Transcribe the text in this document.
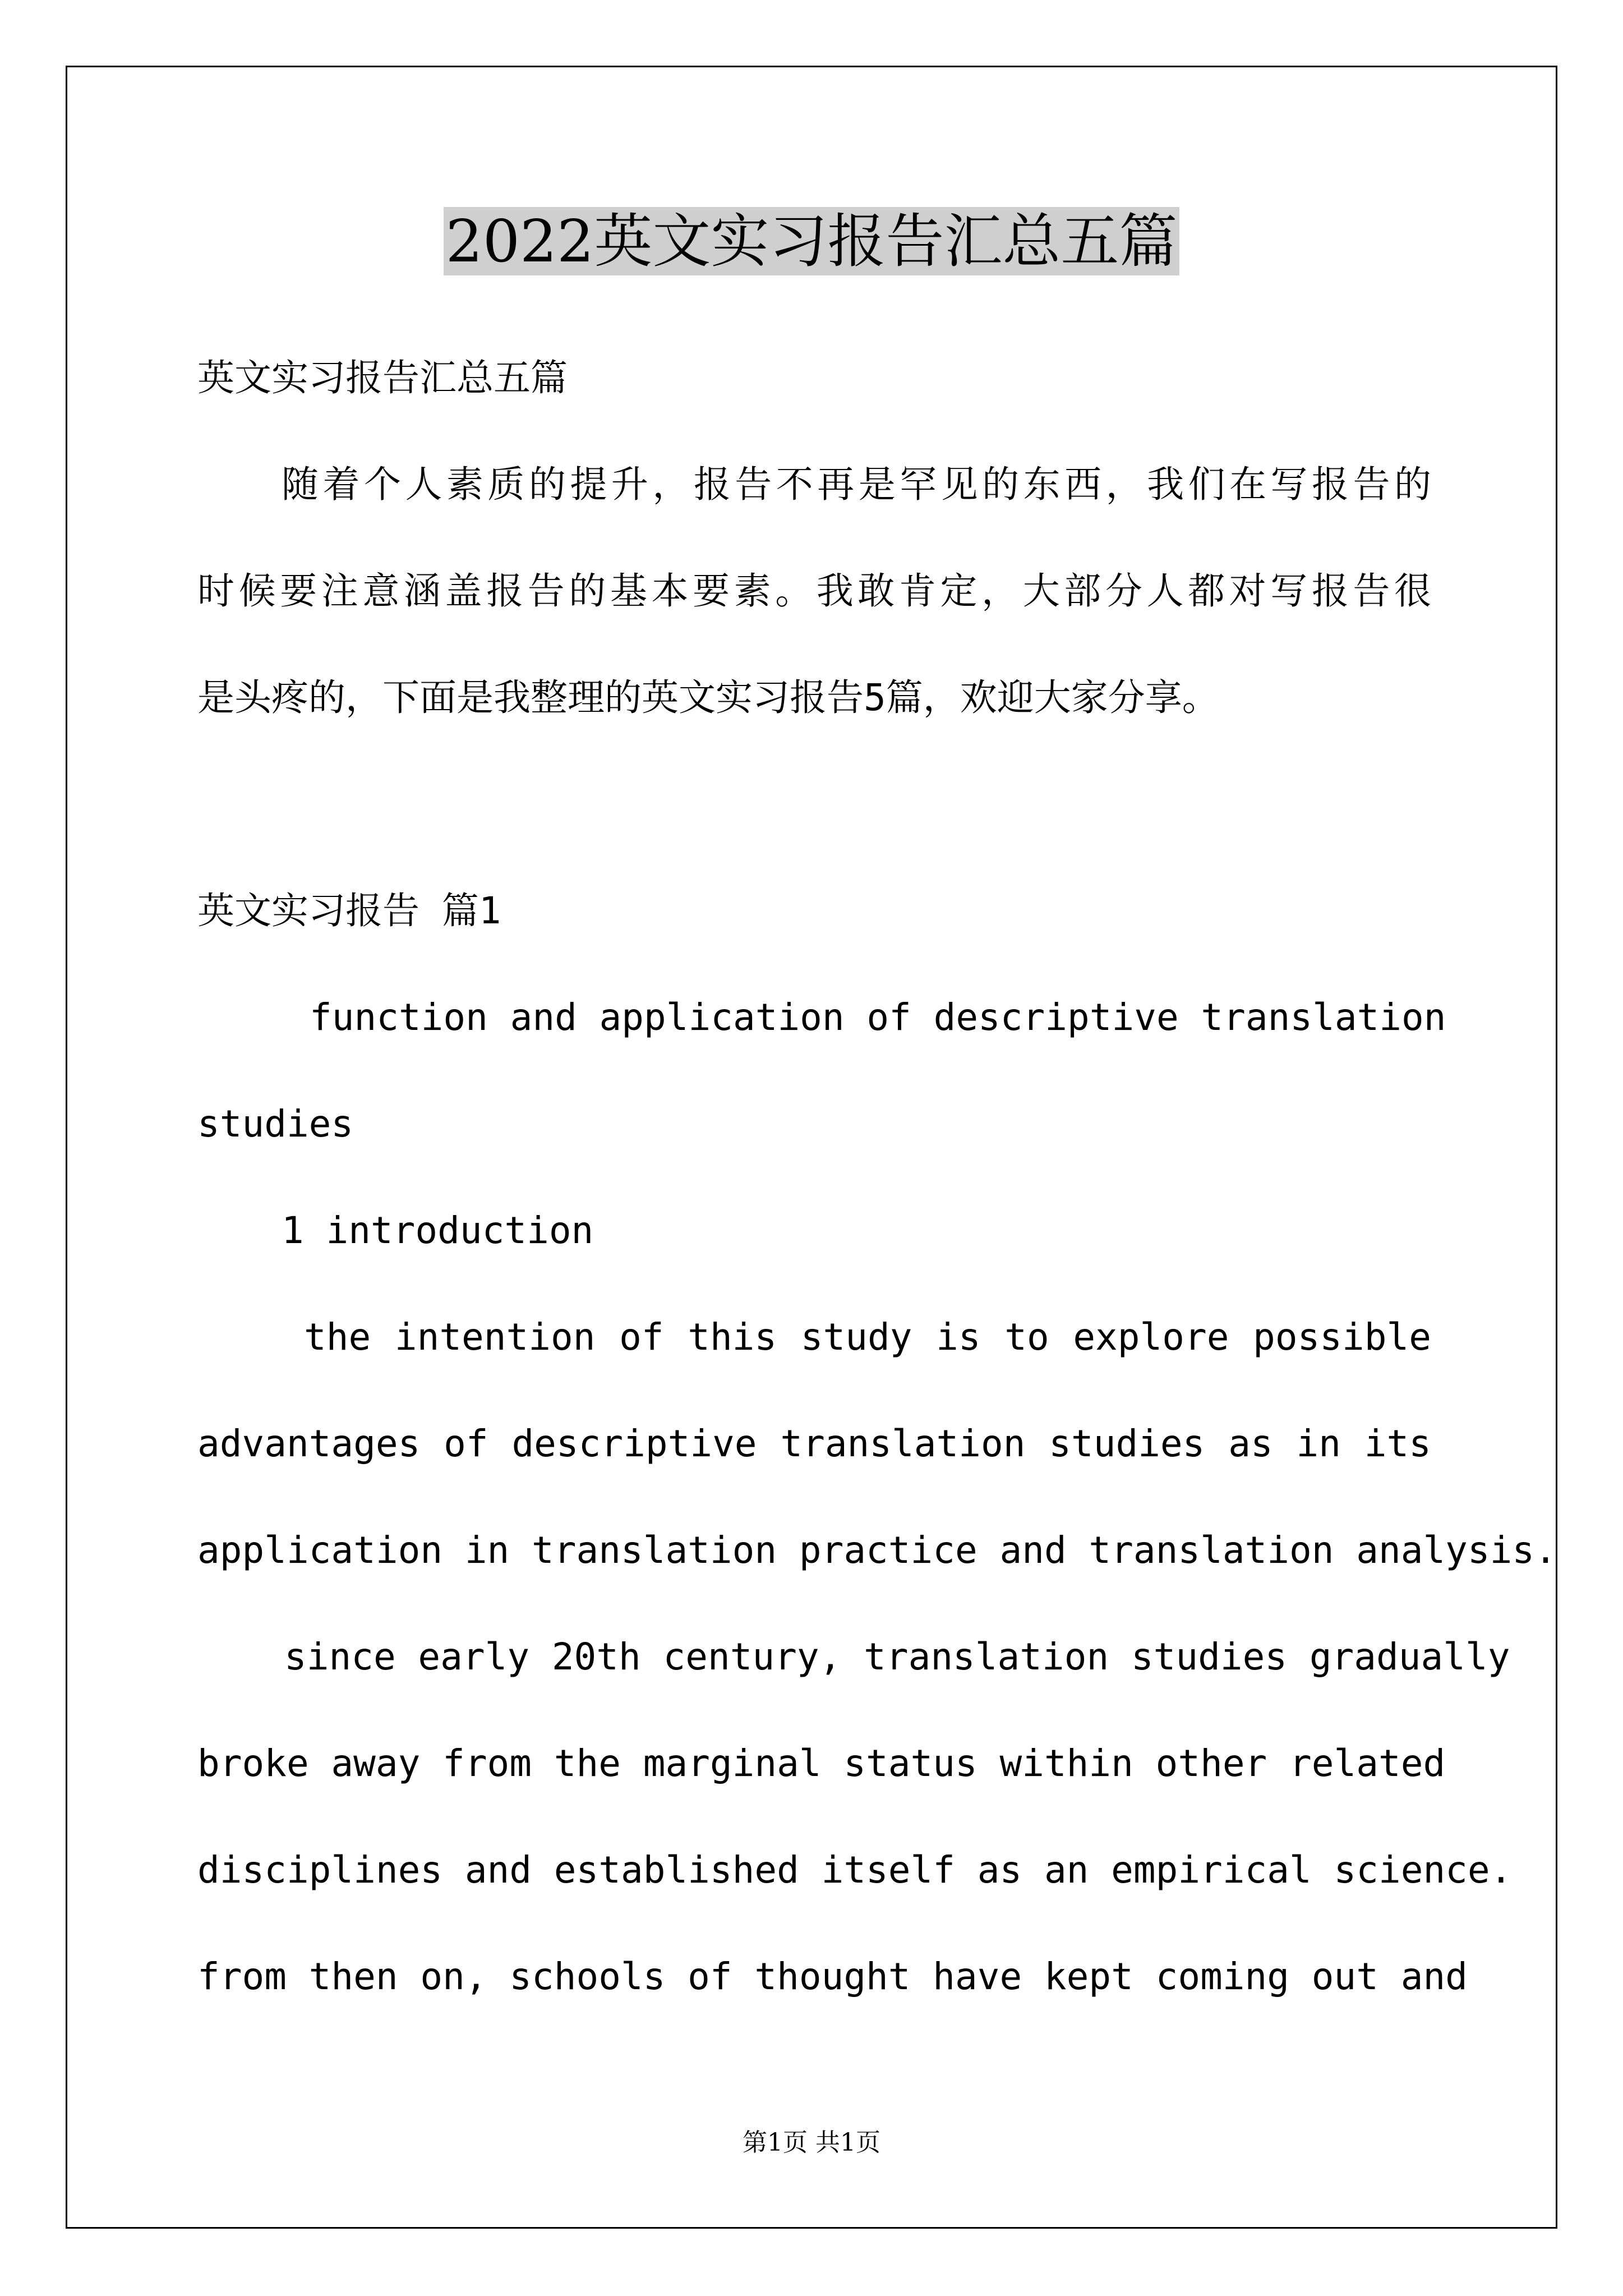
2022英文实习报告汇总五篇
英文实习报告汇总五篇
随着个人素质的提升，报告不再是罕见的东西，我们在写报告的
时候要注意涵盖报告的基本要素。我敢肯定，大部分人都对写报告很
是头疼的，下面是我整理的英文实习报告5篇，欢迎大家分享。
英文实习报告 篇1
function and application of descriptive translation
studies
1 introduction
the intention of this study is to explore possible
advantages of descriptive translation studies as in its
application in translation practice and translation analysis.
since early 20th century, translation studies gradually
broke away from the marginal status within other related
disciplines and established itself as an empirical science.
from then on, schools of thought have kept coming out and
第1页 共1页
